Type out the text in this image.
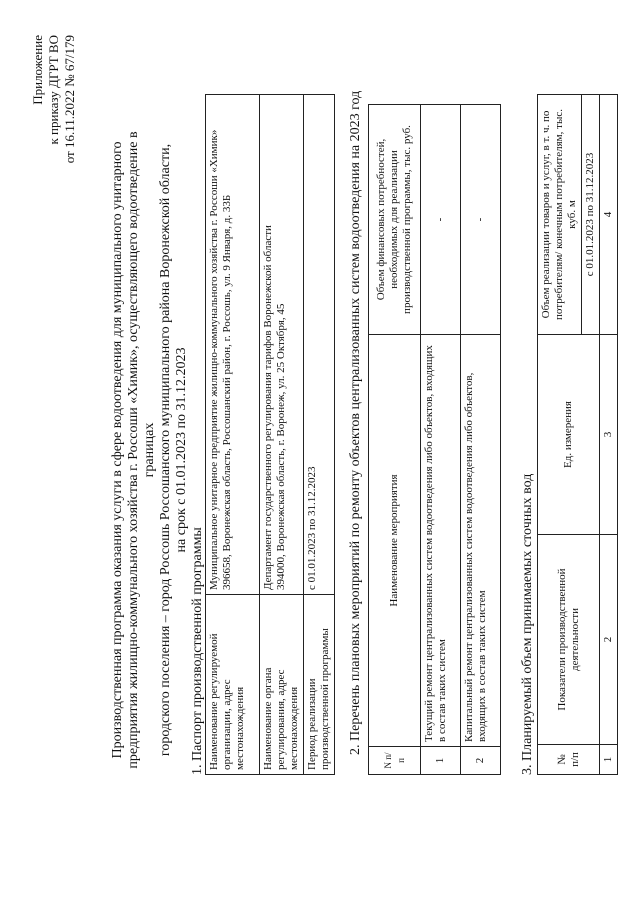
Приложение к приказу ДГРТ ВО от 16.11.2022 № 67/179
Производственная программа оказания услуги в сфере водоотведения для муниципального унитарного предприятия жилищно-коммунального хозяйства г. Россоши «Химик», осуществляющего водоотведение в границах городского поселения – город Россошь Россошанского муниципального района Воронежской области, на срок с 01.01.2023 по 31.12.2023
1. Паспорт производственной программы Наименование регулируемой организации, адрес местонахождения	Муниципальное унитарное предприятие жилищно-коммунального хозяйства г. Россоши «Химик» 396658, Воронежская область, Россошанский район, г. Россошь, ул. 9 Января, д. 33Б

Наименование органа регулирования, адрес местонахождения	Департамент государственного регулирования тарифов Воронежской области 394000, Воронежская область, г. Воронеж, ул. 25 Октября, 45

Период реализации производственной программы	с 01.01.2023 по 31.12.2023 2. Перечень плановых мероприятий по ремонту объектов централизованных систем водоотведения на 2023 год
N п/п	Наименование мероприятия	Объем финансовых потребностей, необходимых для реализации производственной программы, тыс. руб.
1	Текущий ремонт централизованных систем водоотведения либо объектов, входящих в состав таких систем	-
2	Капитальный ремонт централизованных систем водоотведения либо объектов, входящих в состав таких систем	-
3. Планируемый объем принимаемых сточных вод № п/п	Показатели производственной деятельности	Ед. измерения	Объем реализации товаров и услуг, в т. ч. по потребителям/ конечным потребителям, тыс. куб. м
			с 01.01.2023 по 31.12.2023
1	2	3	4
